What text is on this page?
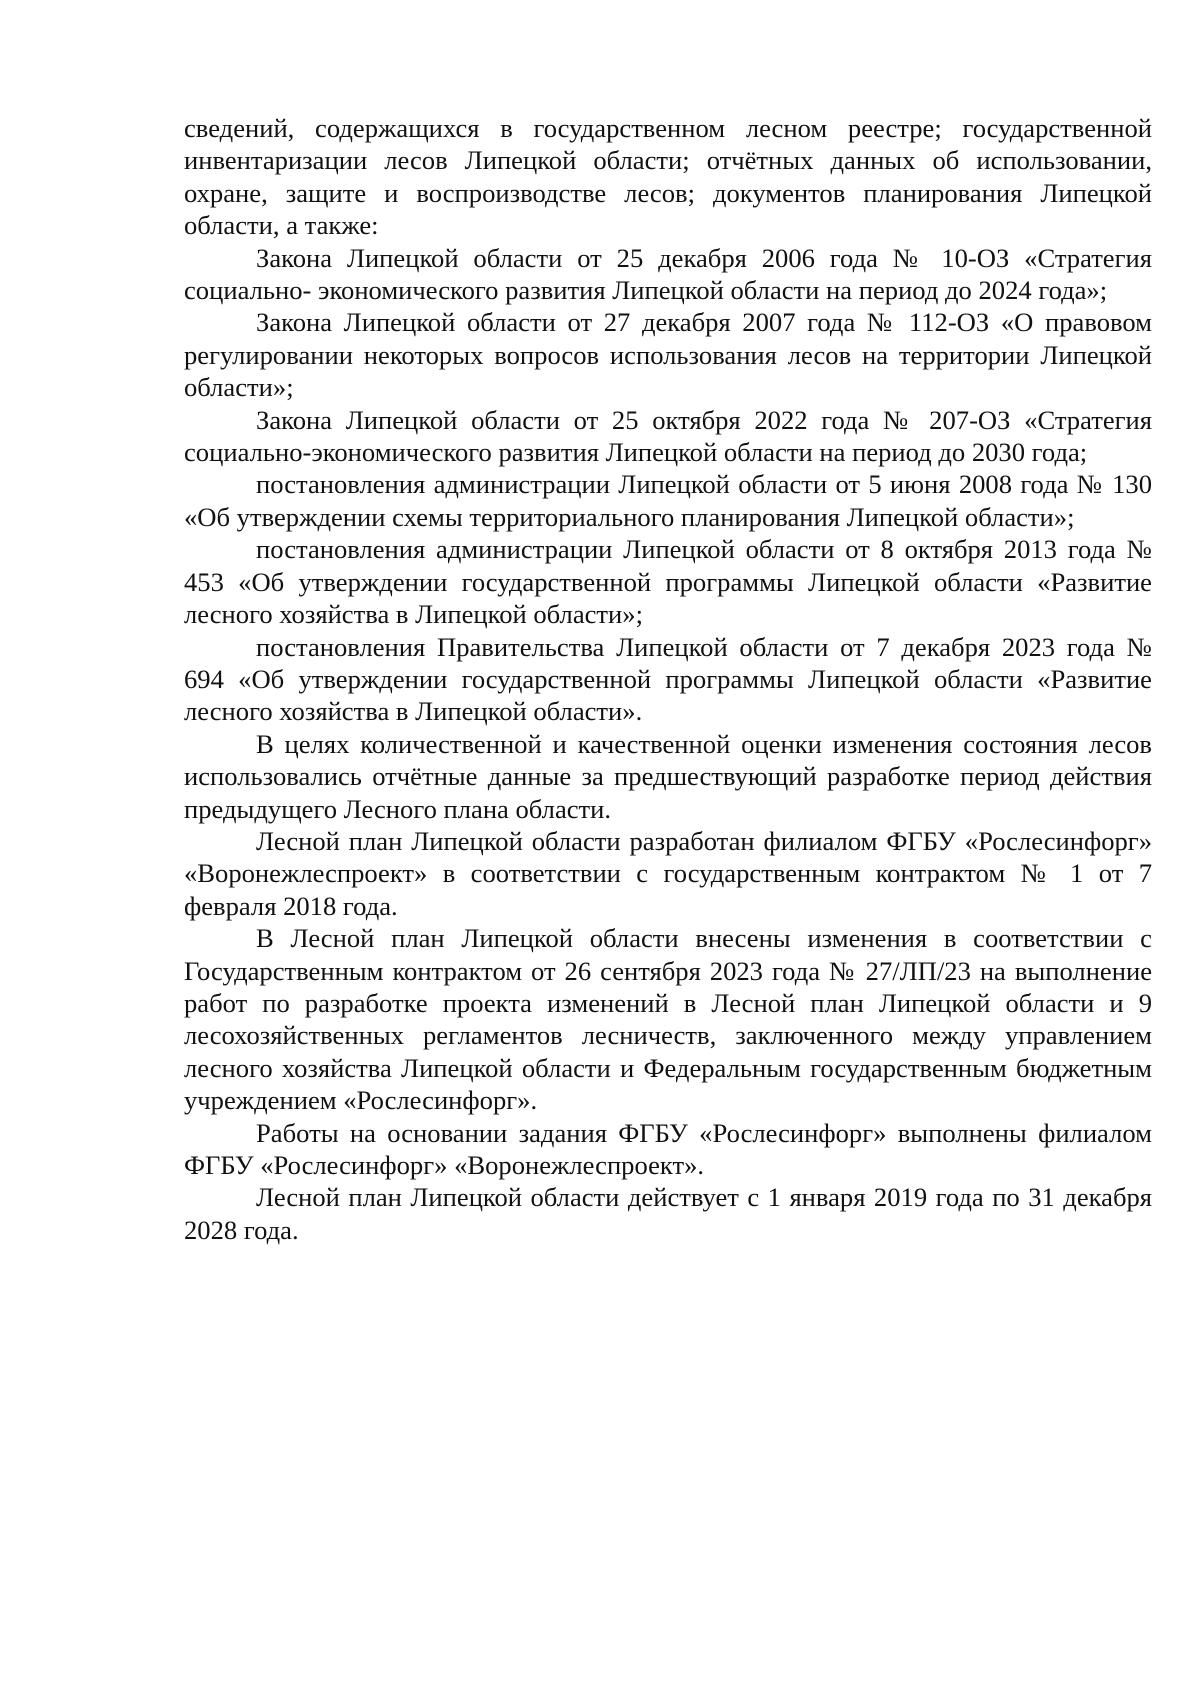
сведений, содержащихся в государственном лесном реестре; государственной инвентаризации лесов Липецкой области; отчётных данных об использовании, охране, защите и воспроизводстве лесов; документов планирования Липецкой области, а также:

Закона Липецкой области от 25 декабря 2006 года № 10-ОЗ «Стратегия социально- экономического развития Липецкой области на период до 2024 года»;

Закона Липецкой области от 27 декабря 2007 года № 112-ОЗ «О правовом регулировании некоторых вопросов использования лесов на территории Липецкой области»;

Закона Липецкой области от 25 октября 2022 года № 207-ОЗ «Стратегия социально-экономического развития Липецкой области на период до 2030 года;

постановления администрации Липецкой области от 5 июня 2008 года № 130 «Об утверждении схемы территориального планирования Липецкой области»;

постановления администрации Липецкой области от 8 октября 2013 года № 453 «Об утверждении государственной программы Липецкой области «Развитие лесного хозяйства в Липецкой области»;

постановления Правительства Липецкой области от 7 декабря 2023 года № 694 «Об утверждении государственной программы Липецкой области «Развитие лесного хозяйства в Липецкой области».

В целях количественной и качественной оценки изменения состояния лесов использовались отчётные данные за предшествующий разработке период действия предыдущего Лесного плана области.

Лесной план Липецкой области разработан филиалом ФГБУ «Рослесинфорг» «Воронежлеспроект» в соответствии с государственным контрактом № 1 от 7 февраля 2018 года.

В Лесной план Липецкой области внесены изменения в соответствии с Государственным контрактом от 26 сентября 2023 года № 27/ЛП/23 на выполнение работ по разработке проекта изменений в Лесной план Липецкой области и 9 лесохозяйственных регламентов лесничеств, заключенного между управлением лесного хозяйства Липецкой области и Федеральным государственным бюджетным учреждением «Рослесинфорг».

Работы на основании задания ФГБУ «Рослесинфорг» выполнены филиалом ФГБУ «Рослесинфорг» «Воронежлеспроект».

Лесной план Липецкой области действует с 1 января 2019 года по 31 декабря 2028 года.
